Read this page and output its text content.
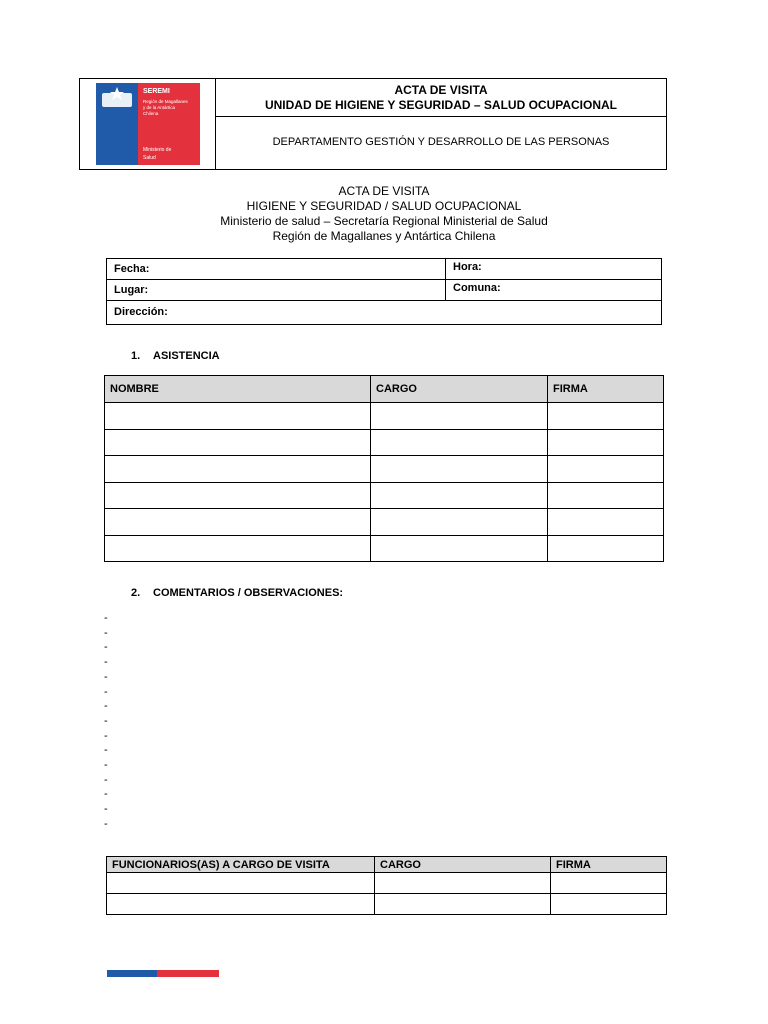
SEREMI
Región de Magallanes
y de la Antártica
Chilena
Ministerio de
Salud
ACTA DE VISITA
UNIDAD DE HIGIENE Y SEGURIDAD – SALUD OCUPACIONAL
DEPARTAMENTO GESTIÓN Y DESARROLLO DE LAS PERSONAS
ACTA DE VISITA
HIGIENE Y SEGURIDAD / SALUD OCUPACIONAL
Ministerio de salud – Secretaría Regional Ministerial de Salud
Región de Magallanes y Antártica Chilena
Fecha:	Hora:
Lugar:	Comuna:
Dirección:
1. ASISTENCIA
NOMBRE	CARGO	FIRMA

2. COMENTARIOS / OBSERVACIONES:
-
-
-
-
-
-
-
-
-
-
-
-
-
-
-
FUNCIONARIOS(AS) A CARGO DE VISITA	CARGO	FIRMA
